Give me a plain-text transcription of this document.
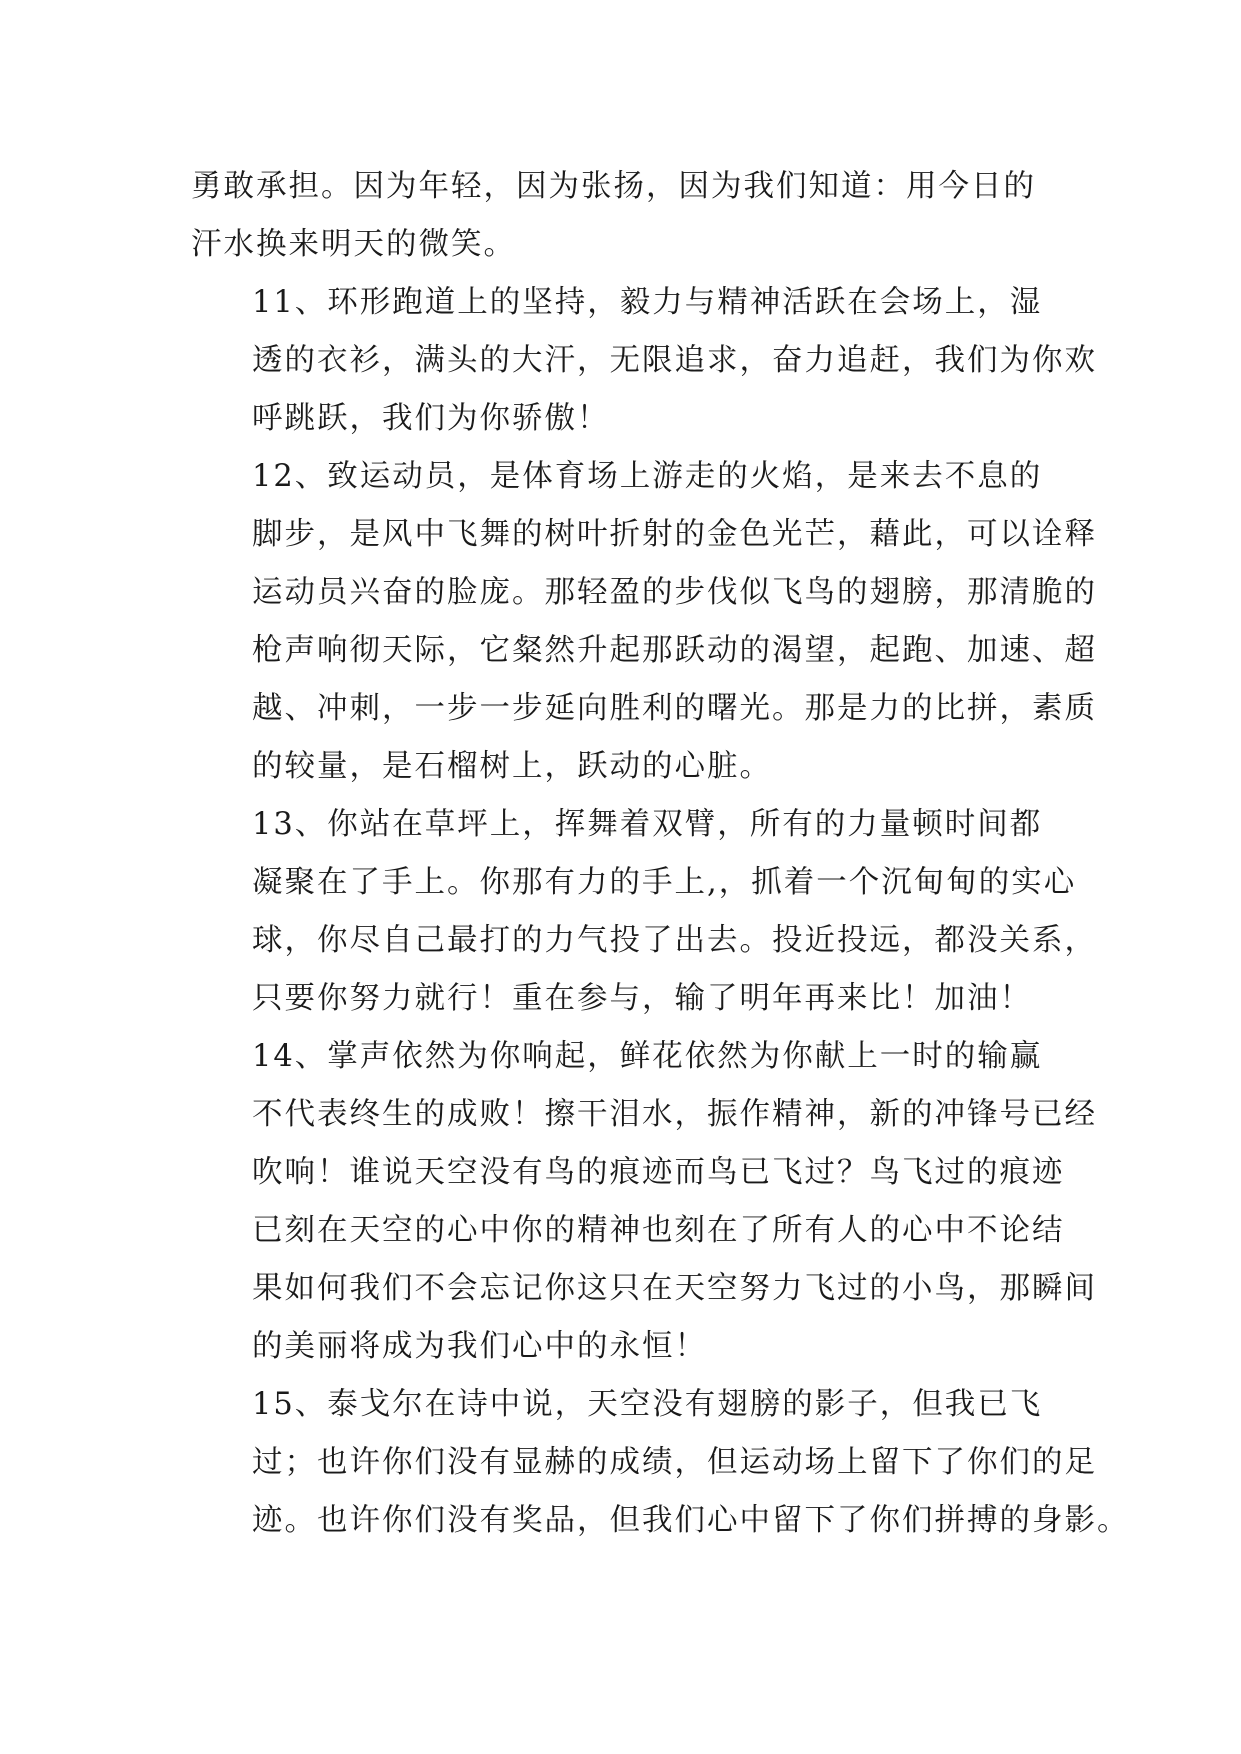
勇敢承担。因为年轻，因为张扬，因为我们知道：用今日的
汗水换来明天的微笑。

11、环形跑道上的坚持，毅力与精神活跃在会场上，湿
透的衣衫，满头的大汗，无限追求，奋力追赶，我们为你欢
呼跳跃，我们为你骄傲！

12、致运动员，是体育场上游走的火焰，是来去不息的
脚步，是风中飞舞的树叶折射的金色光芒，藉此，可以诠释
运动员兴奋的脸庞。那轻盈的步伐似飞鸟的翅膀，那清脆的
枪声响彻天际，它粲然升起那跃动的渴望，起跑、加速、超
越、冲刺，一步一步延向胜利的曙光。那是力的比拼，素质
的较量，是石榴树上，跃动的心脏。

13、你站在草坪上，挥舞着双臂，所有的力量顿时间都
凝聚在了手上。你那有力的手上,，抓着一个沉甸甸的实心
球，你尽自己最打的力气投了出去。投近投远，都没关系，
只要你努力就行！重在参与，输了明年再来比！加油！

14、掌声依然为你响起，鲜花依然为你献上一时的输赢
不代表终生的成败！擦干泪水，振作精神，新的冲锋号已经
吹响！谁说天空没有鸟的痕迹而鸟已飞过？鸟飞过的痕迹
已刻在天空的心中你的精神也刻在了所有人的心中不论结
果如何我们不会忘记你这只在天空努力飞过的小鸟，那瞬间
的美丽将成为我们心中的永恒！

15、泰戈尔在诗中说，天空没有翅膀的影子，但我已飞
过；也许你们没有显赫的成绩，但运动场上留下了你们的足
迹。也许你们没有奖品，但我们心中留下了你们拼搏的身影。
